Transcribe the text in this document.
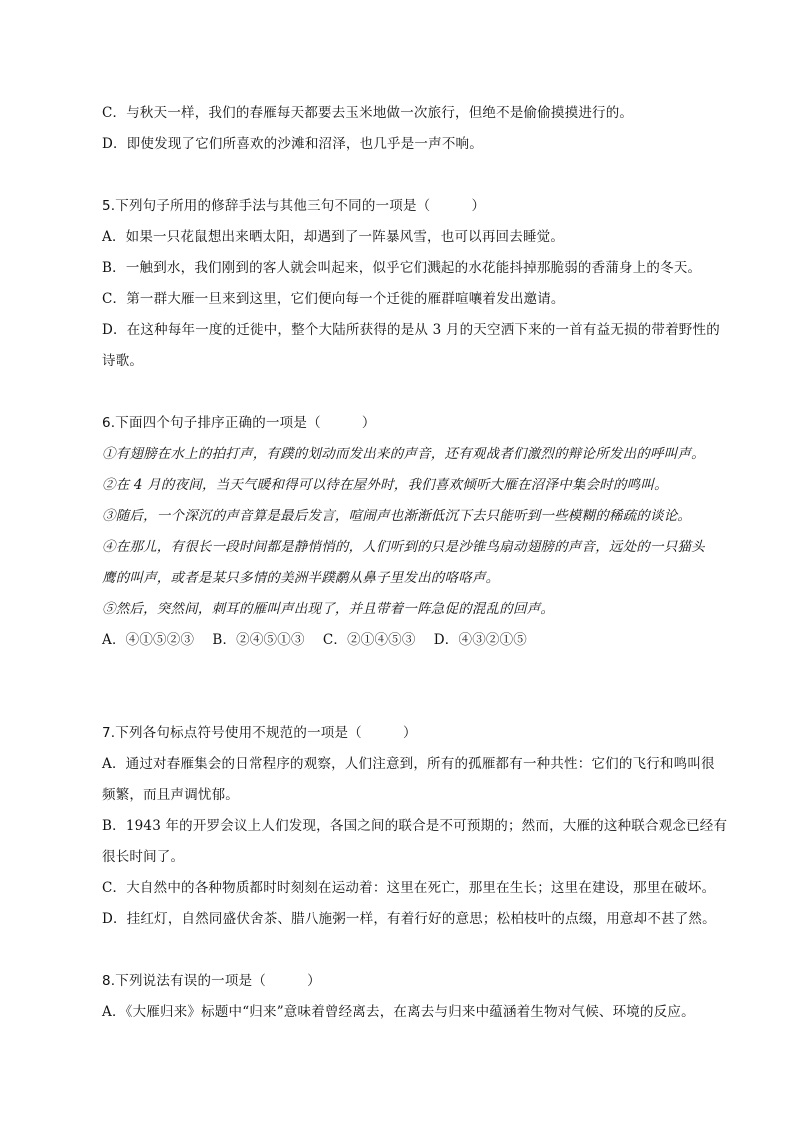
C．与秋天一样，我们的春雁每天都要去玉米地做一次旅行，但绝不是偷偷摸摸进行的。
D．即使发现了它们所喜欢的沙滩和沼泽，也几乎是一声不响。
5.下列句子所用的修辞手法与其他三句不同的一项是（　　　）
A．如果一只花鼠想出来晒太阳，却遇到了一阵暴风雪，也可以再回去睡觉。
B．一触到水，我们刚到的客人就会叫起来，似乎它们溅起的水花能抖掉那脆弱的香蒲身上的冬天。
C．第一群大雁一旦来到这里，它们便向每一个迁徙的雁群喧嚷着发出邀请。
D．在这种每年一度的迁徙中，整个大陆所获得的是从 3 月的天空洒下来的一首有益无损的带着野性的
诗歌。
6.下面四个句子排序正确的一项是（　　　）
①有翅膀在水上的拍打声，有蹼的划动而发出来的声音，还有观战者们激烈的辩论所发出的呼叫声。
②在 4 月的夜间，当天气暖和得可以待在屋外时，我们喜欢倾听大雁在沼泽中集会时的鸣叫。
③随后，一个深沉的声音算是最后发言，喧闹声也渐渐低沉下去只能听到一些模糊的稀疏的谈论。
④在那儿，有很长一段时间都是静悄悄的，人们听到的只是沙锥鸟扇动翅膀的声音，远处的一只猫头
鹰的叫声，或者是某只多情的美洲半蹼鹬从鼻子里发出的咯咯声。
⑤然后，突然间，刺耳的雁叫声出现了，并且带着一阵急促的混乱的回声。
A．④①⑤②③　 B．②④⑤①③　 C．②①④⑤③　 D．④③②①⑤
7.下列各句标点符号使用不规范的一项是（　　　）
A．通过对春雁集会的日常程序的观察，人们注意到，所有的孤雁都有一种共性：它们的飞行和鸣叫很
频繁，而且声调忧郁。
B．1943 年的开罗会议上人们发现，各国之间的联合是不可预期的；然而，大雁的这种联合观念已经有
很长时间了。
C．大自然中的各种物质都时时刻刻在运动着：这里在死亡，那里在生长；这里在建设，那里在破坏。
D．挂红灯，自然同盛伏舍茶、腊八施粥一样，有着行好的意思；松柏枝叶的点缀，用意却不甚了然。
8.下列说法有误的一项是（　　　）
A．《大雁归来》标题中“归来”意味着曾经离去，在离去与归来中蕴涵着生物对气候、环境的反应。
